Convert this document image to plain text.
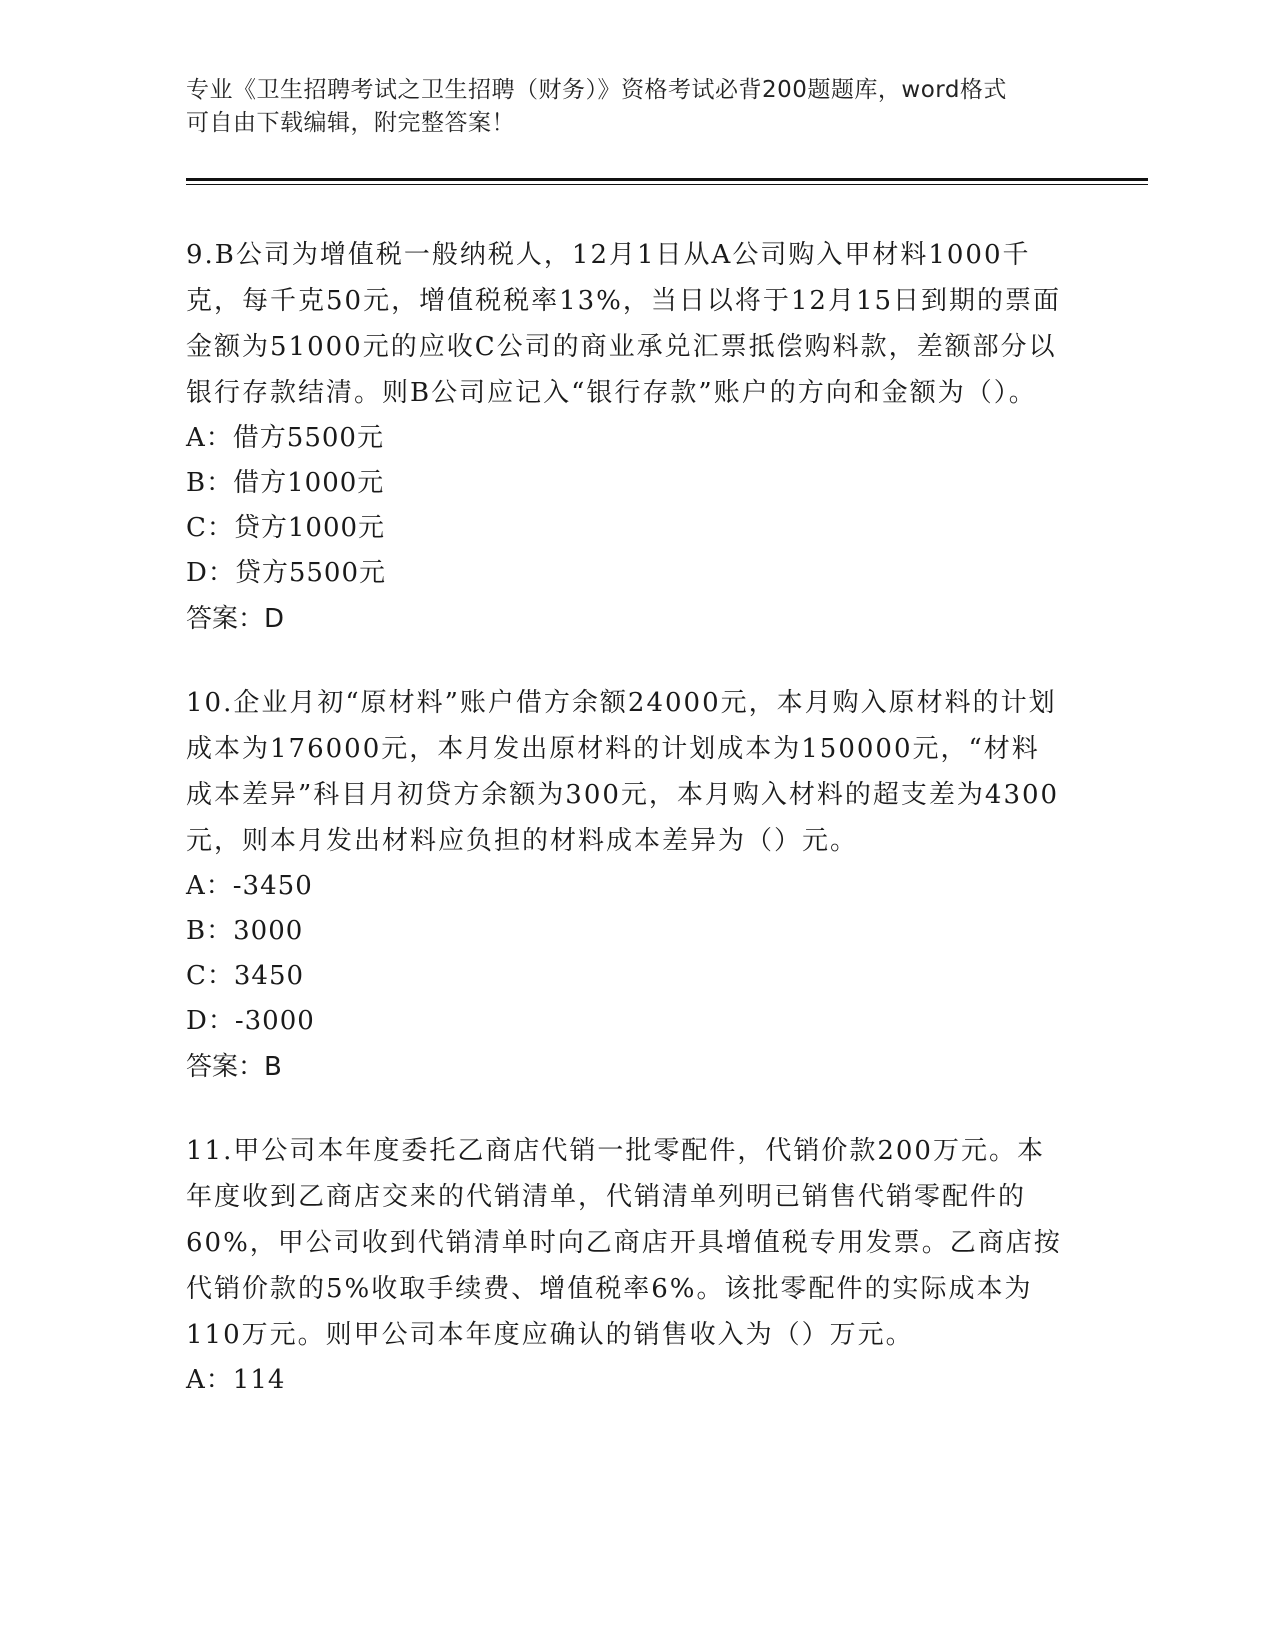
专业《卫生招聘考试之卫生招聘（财务）》资格考试必背200题题库，word格式
可自由下载编辑，附完整答案！

9.B公司为增值税一般纳税人，12月1日从A公司购入甲材料1000千克，每千克50元，增值税税率13%，当日以将于12月15日到期的票面金额为51000元的应收C公司的商业承兑汇票抵偿购料款，差额部分以银行存款结清。则B公司应记入“银行存款”账户的方向和金额为（）。

A：借方5500元

B：借方1000元

C：贷方1000元

D：贷方5500元

答案：D

10.企业月初“原材料”账户借方余额24000元，本月购入原材料的计划成本为176000元，本月发出原材料的计划成本为150000元，“材料成本差异”科目月初贷方余额为300元，本月购入材料的超支差为4300元，则本月发出材料应负担的材料成本差异为（）元。

A：-3450

B：3000

C：3450

D：-3000

答案：B

11.甲公司本年度委托乙商店代销一批零配件，代销价款200万元。本年度收到乙商店交来的代销清单，代销清单列明已销售代销零配件的60%，甲公司收到代销清单时向乙商店开具增值税专用发票。乙商店按代销价款的5%收取手续费、增值税率6%。该批零配件的实际成本为110万元。则甲公司本年度应确认的销售收入为（）万元。

A：114
